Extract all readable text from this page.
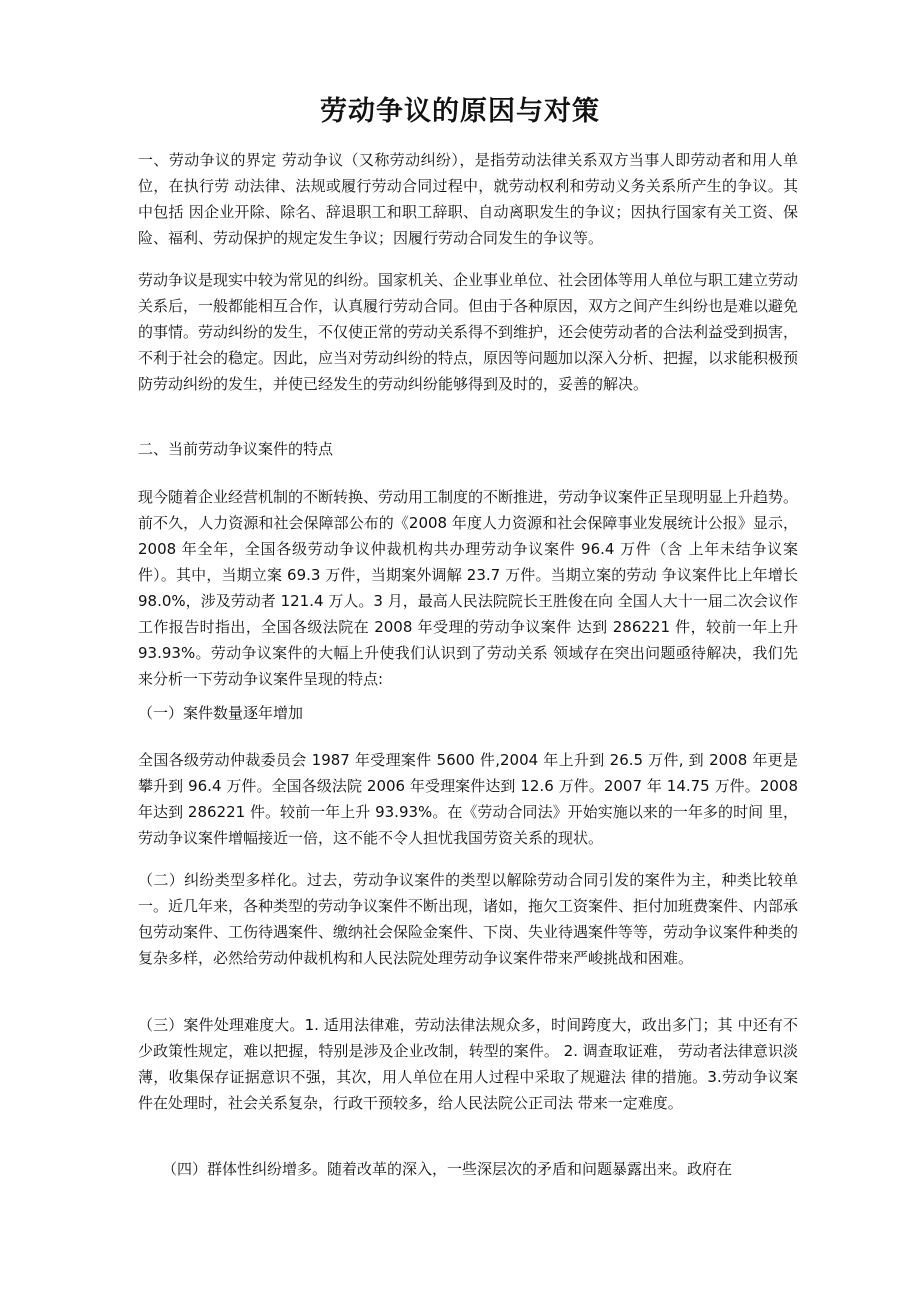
劳动争议的原因与对策

一、劳动争议的界定 劳动争议（又称劳动纠纷），是指劳动法律关系双方当事人即劳动者和用人单位，在执行劳 动法律、法规或履行劳动合同过程中，就劳动权利和劳动义务关系所产生的争议。其中包括 因企业开除、除名、辞退职工和职工辞职、自动离职发生的争议；因执行国家有关工资、保 险、福利、劳动保护的规定发生争议；因履行劳动合同发生的争议等。

劳动争议是现实中较为常见的纠纷。国家机关、企业事业单位、社会团体等用人单位与职工建立劳动关系后，一般都能相互合作，认真履行劳动合同。但由于各种原因，双方之间产生纠纷也是难以避免的事情。劳动纠纷的发生，不仅使正常的劳动关系得不到维护，还会使劳动者的合法利益受到损害，不利于社会的稳定。因此，应当对劳动纠纷的特点，原因等问题加以深入分析、把握，以求能积极预防劳动纠纷的发生，并使已经发生的劳动纠纷能够得到及时的，妥善的解决。

二、当前劳动争议案件的特点

现今随着企业经营机制的不断转换、劳动用工制度的不断推进，劳动争议案件正呈现明显上升趋势。前不久，人力资源和社会保障部公布的《2008 年度人力资源和社会保障事业发展统计公报》显示，2008 年全年，全国各级劳动争议仲裁机构共办理劳动争议案件 96.4 万件（含 上年未结争议案件）。其中，当期立案 69.3 万件，当期案外调解 23.7 万件。当期立案的劳动 争议案件比上年增长 98.0%，涉及劳动者 121.4 万人。3 月，最高人民法院院长王胜俊在向 全国人大十一届二次会议作工作报告时指出，全国各级法院在 2008 年受理的劳动争议案件 达到 286221 件，较前一年上升 93.93%。劳动争议案件的大幅上升使我们认识到了劳动关系 领域存在突出问题亟待解决，我们先来分析一下劳动争议案件呈现的特点:

（一）案件数量逐年增加

全国各级劳动仲裁委员会 1987 年受理案件 5600 件,2004 年上升到 26.5 万件, 到 2008 年更是 攀升到 96.4 万件。全国各级法院 2006 年受理案件达到 12.6 万件。2007 年 14.75 万件。2008 年达到 286221 件。较前一年上升 93.93%。在《劳动合同法》开始实施以来的一年多的时间 里，劳动争议案件增幅接近一倍，这不能不令人担忧我国劳资关系的现状。

（二）纠纷类型多样化。过去，劳动争议案件的类型以解除劳动合同引发的案件为主，种类比较单一。近几年来，各种类型的劳动争议案件不断出现，诸如，拖欠工资案件、拒付加班费案件、内部承包劳动案件、工伤待遇案件、缴纳社会保险金案件、下岗、失业待遇案件等等，劳动争议案件种类的复杂多样，必然给劳动仲裁机构和人民法院处理劳动争议案件带来严峻挑战和困难。

（三）案件处理难度大。1. 适用法律难，劳动法律法规众多，时间跨度大，政出多门；其 中还有不少政策性规定，难以把握，特别是涉及企业改制，转型的案件。 2. 调查取证难， 劳动者法律意识淡薄，收集保存证据意识不强，其次，用人单位在用人过程中采取了规避法 律的措施。3.劳动争议案件在处理时，社会关系复杂，行政干预较多，给人民法院公正司法 带来一定难度。

（四）群体性纠纷增多。随着改革的深入，一些深层次的矛盾和问题暴露出来。政府在
